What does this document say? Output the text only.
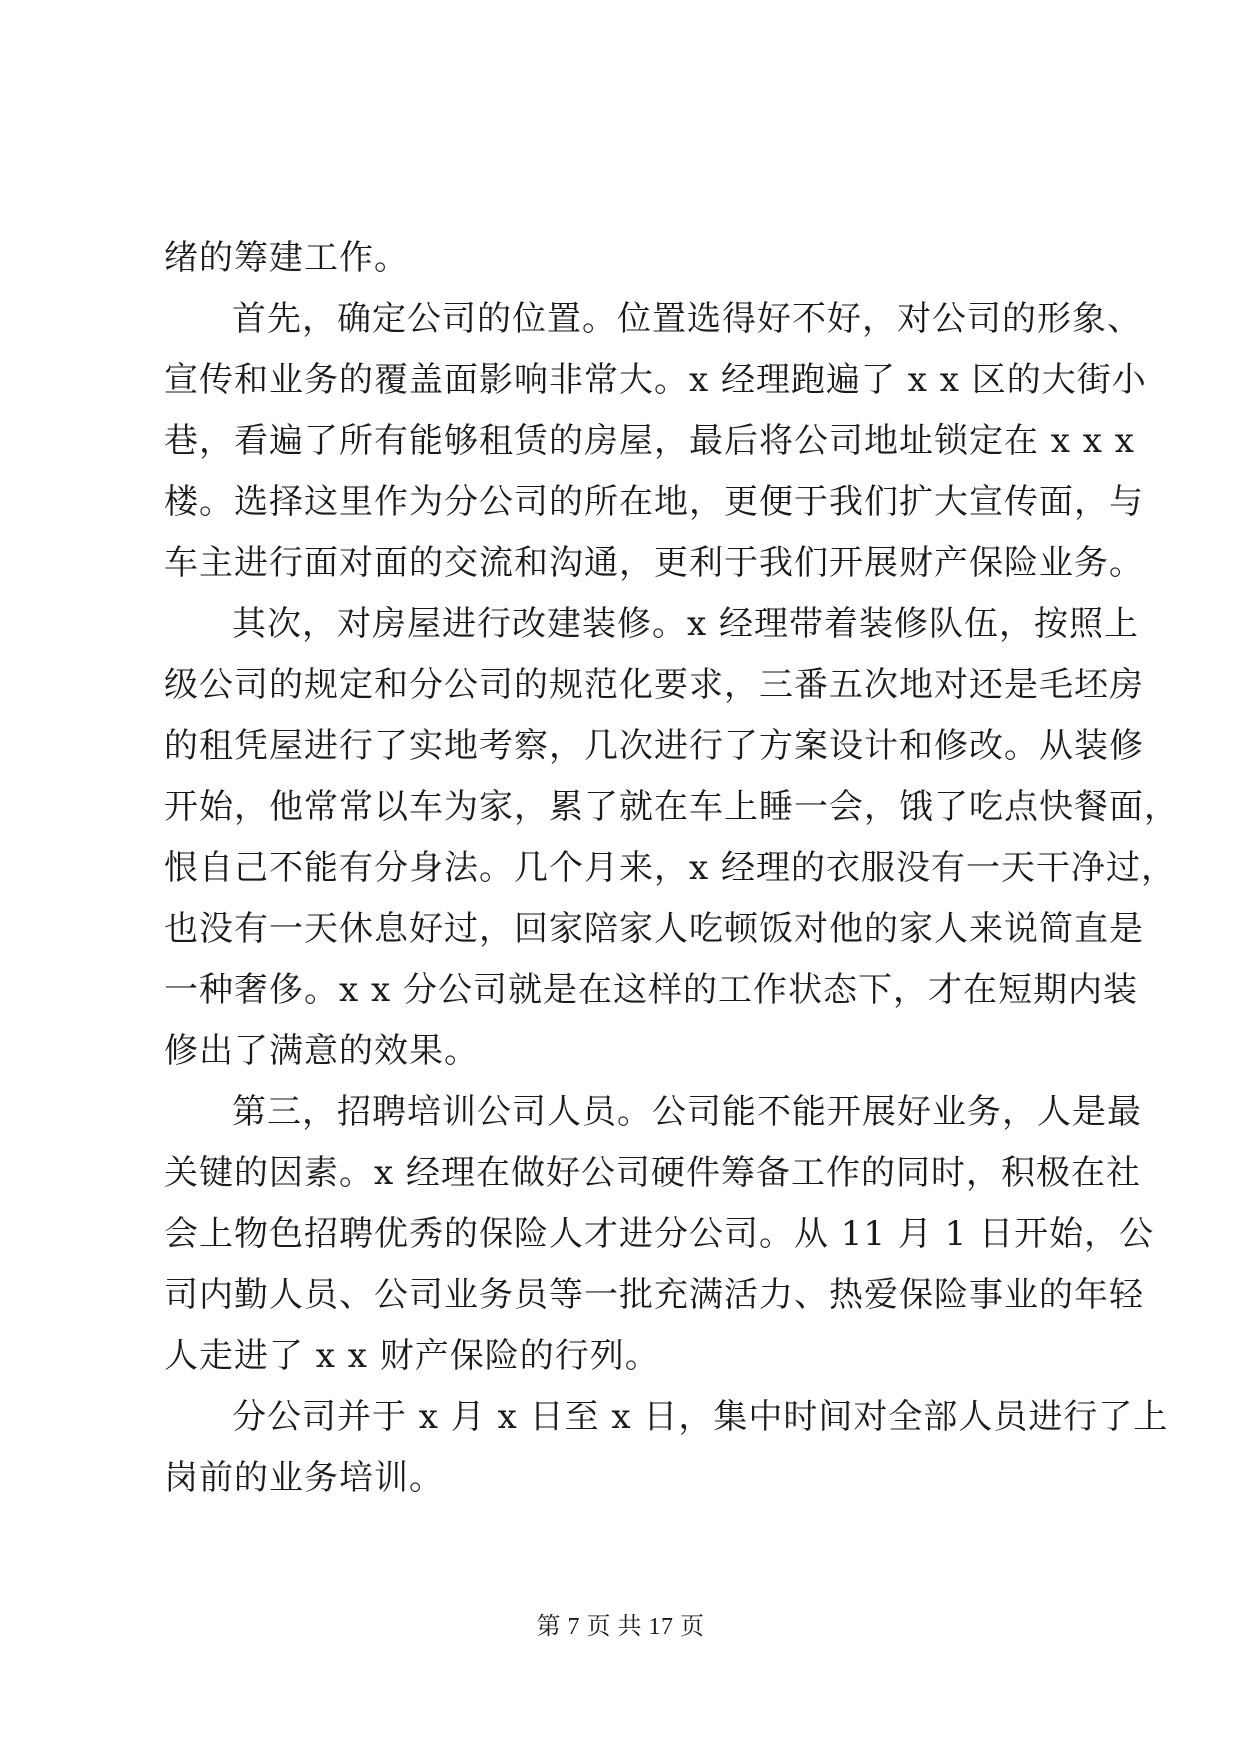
绪的筹建工作。
首先，确定公司的位置。位置选得好不好，对公司的形象、
宣传和业务的覆盖面影响非常大。x 经理跑遍了 x x 区的大街小
巷，看遍了所有能够租赁的房屋，最后将公司地址锁定在 x x x
楼。选择这里作为分公司的所在地，更便于我们扩大宣传面，与
车主进行面对面的交流和沟通，更利于我们开展财产保险业务。
其次，对房屋进行改建装修。x 经理带着装修队伍，按照上
级公司的规定和分公司的规范化要求，三番五次地对还是毛坯房
的租凭屋进行了实地考察，几次进行了方案设计和修改。从装修
开始，他常常以车为家，累了就在车上睡一会，饿了吃点快餐面，
恨自己不能有分身法。几个月来，x 经理的衣服没有一天干净过，
也没有一天休息好过，回家陪家人吃顿饭对他的家人来说简直是
一种奢侈。x x 分公司就是在这样的工作状态下，才在短期内装
修出了满意的效果。
第三，招聘培训公司人员。公司能不能开展好业务，人是最
关键的因素。x 经理在做好公司硬件筹备工作的同时，积极在社
会上物色招聘优秀的保险人才进分公司。从 11 月 1 日开始，公
司内勤人员、公司业务员等一批充满活力、热爱保险事业的年轻
人走进了 x x 财产保险的行列。
分公司并于 x 月 x 日至 x 日，集中时间对全部人员进行了上
岗前的业务培训。
第 7 页 共 17 页
